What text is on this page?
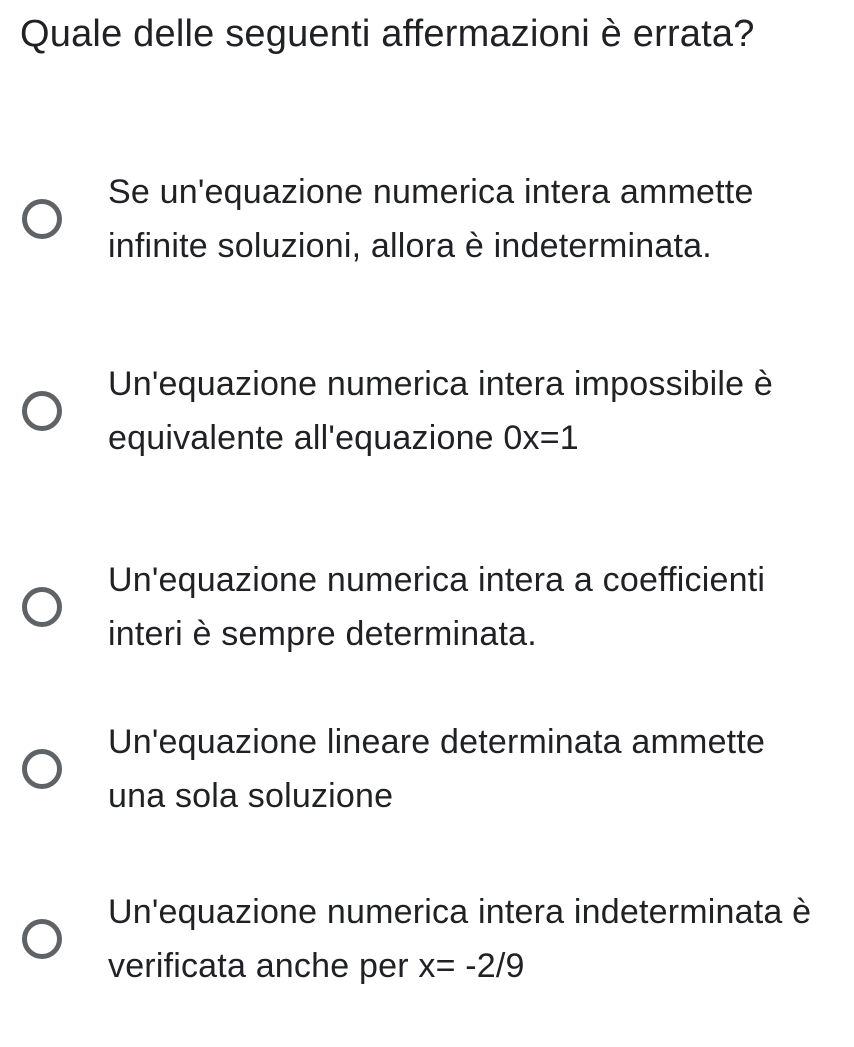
Quale delle seguenti affermazioni è errata?
Se un'equazione numerica intera ammette infinite soluzioni, allora è indeterminata.
Un'equazione numerica intera impossibile è equivalente all'equazione 0x=1
Un'equazione numerica intera a coefficienti interi è sempre determinata.
Un'equazione lineare determinata ammette una sola soluzione
Un'equazione numerica intera indeterminata è verificata anche per x= -2/9
